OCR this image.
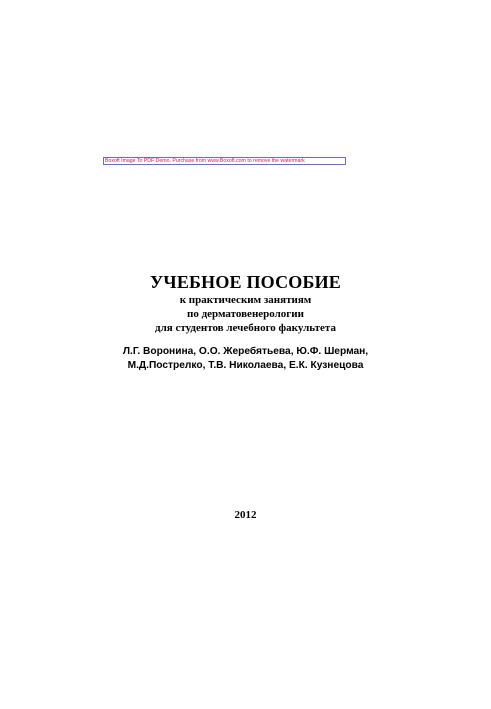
Boxoft Image To PDF Demo. Purchase from www.Boxoft.com to remove the watermark
УЧЕБНОЕ ПОСОБИЕ
к практическим занятиям
по дерматовенерологии
для студентов лечебного факультета
Л.Г. Воронина, О.О. Жеребятьева, Ю.Ф. Шерман,
М.Д.Пострелко, Т.В. Николаева, Е.К. Кузнецова
2012
